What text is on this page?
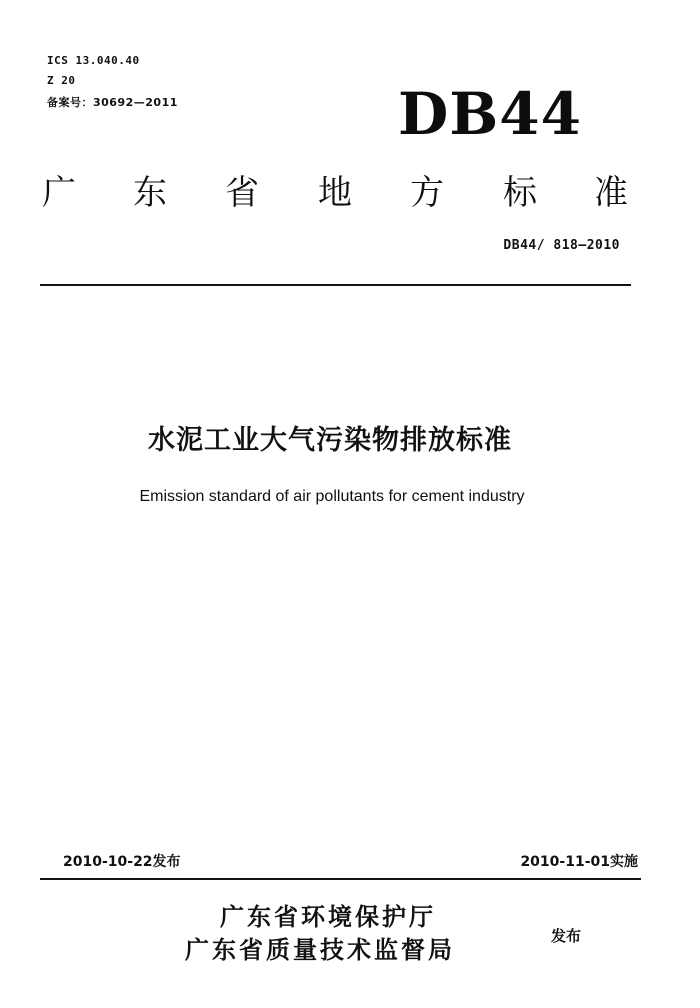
ICS 13.040.40
Z 20
备案号：30692—2011	DB44
广 东 省 地 方 标 准
DB44/ 818—2010
水泥工业大气污染物排放标准
Emission standard of air pollutants for cement industry
2010-10-22发布	2010-11-01实施
广东省环境保护厅
广东省质量技术监督局	发布
